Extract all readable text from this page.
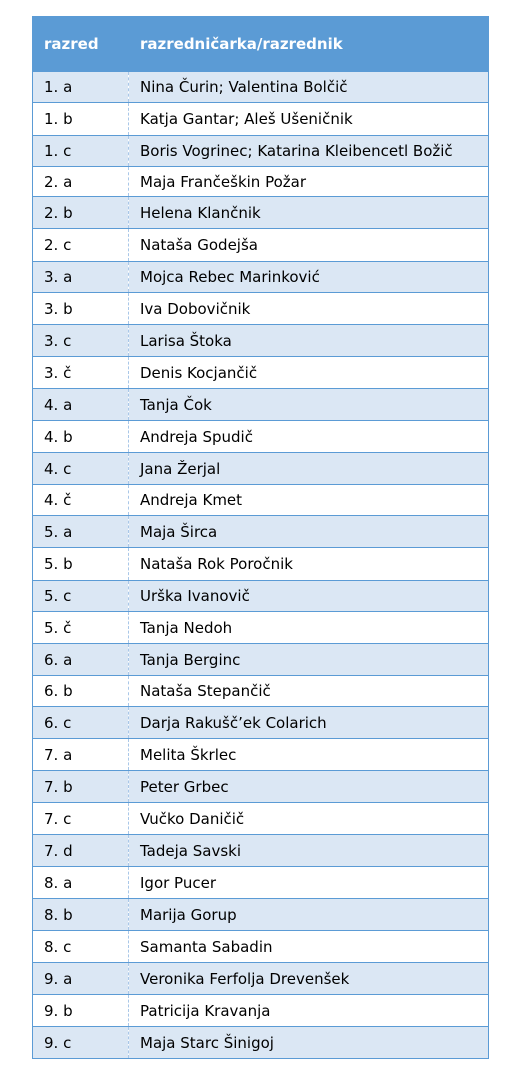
razred	razredničarka/razrednik
1. a	Nina Čurin; Valentina Bolčič
1. b	Katja Gantar; Aleš Ušeničnik
1. c	Boris Vogrinec; Katarina Kleibencetl Božič
2. a	Maja Frančeškin Požar
2. b	Helena Klančnik
2. c	Nataša Godejša
3. a	Mojca Rebec Marinković
3. b	Iva Dobovičnik
3. c	Larisa Štoka
3. č	Denis Kocjančič
4. a	Tanja Čok
4. b	Andreja Spudič
4. c	Jana Žerjal
4. č	Andreja Kmet
5. a	Maja Širca
5. b	Nataša Rok Poročnik
5. c	Urška Ivanovič
5. č	Tanja Nedoh
6. a	Tanja Berginc
6. b	Nataša Stepančič
6. c	Darja Rakušč’ek Colarich
7. a	Melita Škrlec
7. b	Peter Grbec
7. c	Vučko Daničič
7. d	Tadeja Savski
8. a	Igor Pucer
8. b	Marija Gorup
8. c	Samanta Sabadin
9. a	Veronika Ferfolja Drevenšek
9. b	Patricija Kravanja
9. c	Maja Starc Šinigoj
